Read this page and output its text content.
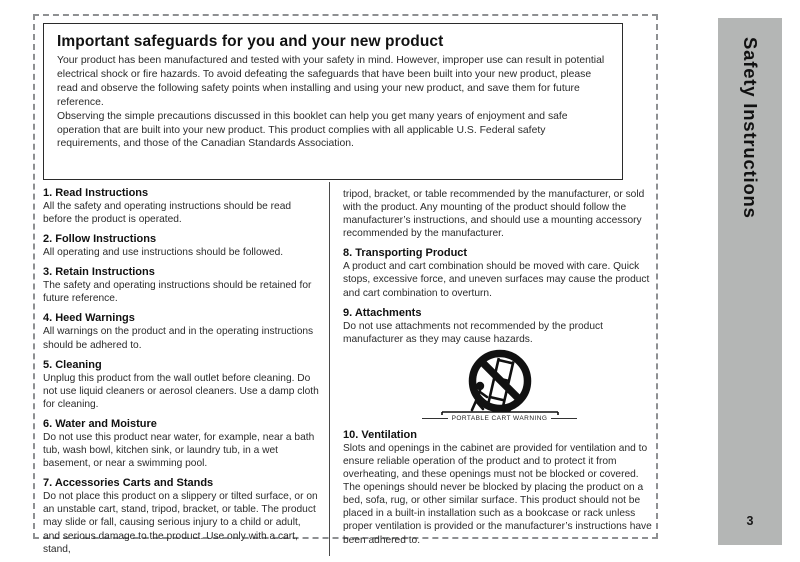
Important safeguards for you and your new product

Your product has been manufactured and tested with your safety in mind. However, improper use can result in potential electrical shock or fire hazards. To avoid defeating the safeguards that have been built into your new product, please read and observe the following safety points when installing and using your new product, and save them for future reference.

Observing the simple precautions discussed in this booklet can help you get many years of enjoyment and safe operation that are built into your new product. This product complies with all applicable U.S. Federal safety requirements, and those of the Canadian Standards Association.

1. Read Instructions

All the safety and operating instructions should be read before the product is operated.

2. Follow Instructions

All operating and use instructions should be followed.

3. Retain Instructions

The safety and operating instructions should be retained for future reference.

4. Heed Warnings

All warnings on the product and in the operating instructions should be adhered to.

5. Cleaning

Unplug this product from the wall outlet before cleaning. Do not use liquid cleaners or aerosol cleaners. Use a damp cloth for cleaning.

6. Water and Moisture

Do not use this product near water, for example, near a bath tub, wash bowl, kitchen sink, or laundry tub, in a wet basement, or near a swimming pool.

7. Accessories Carts and Stands

Do not place this product on a slippery or tilted surface, or on an unstable cart, stand, tripod, bracket, or table. The product may slide or fall, causing serious injury to a child or adult, and serious damage to the product. Use only with a cart, stand,

tripod, bracket, or table recommended by the manufacturer, or sold with the product. Any mounting of the product should follow the manufacturer’s instructions, and should use a mounting accessory recommended by the manufacturer.

8. Transporting Product

A product and cart combination should be moved with care. Quick stops, excessive force, and uneven surfaces may cause the product and cart combination to overturn.

9. Attachments

Do not use attachments not recommended by the product manufacturer as they may cause hazards.

PORTABLE CART WARNING
10. Ventilation

Slots and openings in the cabinet are provided for ventilation and to ensure reliable operation of the product and to protect it from overheating, and these openings must not be blocked or covered. The openings should never be blocked by placing the product on a bed, sofa, rug, or other similar surface. This product should not be placed in a built-in installation such as a bookcase or rack unless proper ventilation is provided or the manufacturer’s instructions have been adhered to.

Safety Instructions
3
